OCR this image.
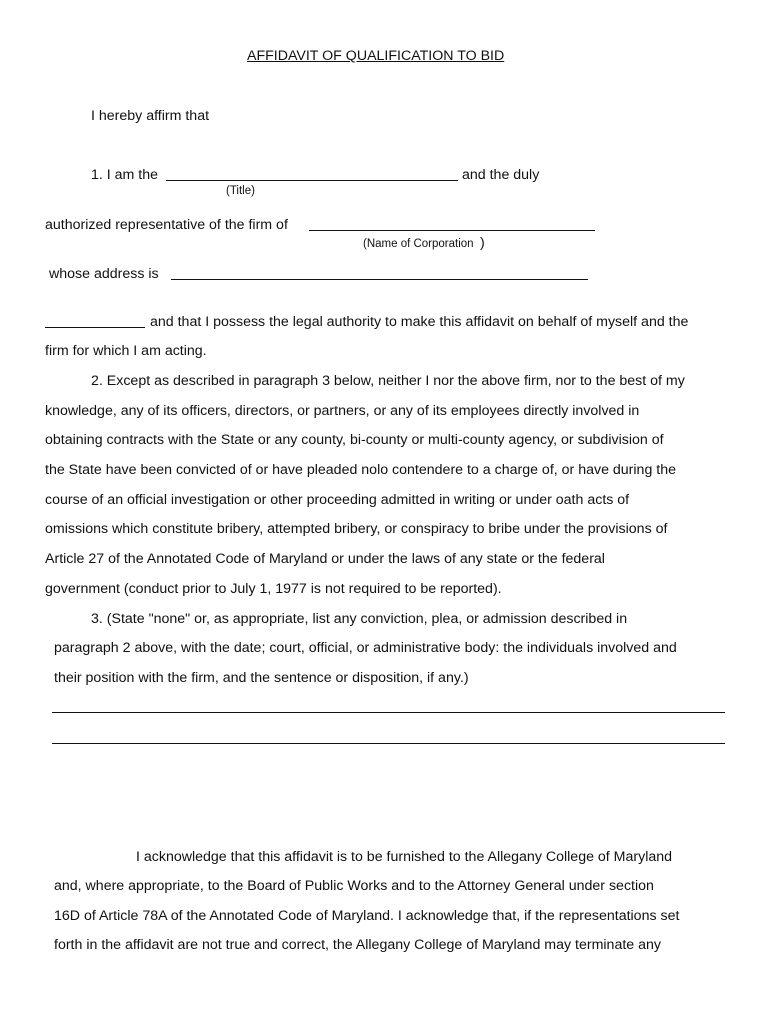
AFFIDAVIT OF QUALIFICATION TO BID
I hereby affirm that
1. I am the	and the duly
(Title)
authorized representative of the firm of
(Name of Corporation )
whose address is
and that I possess the legal authority to make this affidavit on behalf of myself and the
firm for which I am acting.
2. Except as described in paragraph 3 below, neither I nor the above firm, nor to the best of my
knowledge, any of its officers, directors, or partners, or any of its employees directly involved in
obtaining contracts with the State or any county, bi-county or multi-county agency, or subdivision of
the State have been convicted of or have pleaded nolo contendere to a charge of, or have during the
course of an official investigation or other proceeding admitted in writing or under oath acts of
omissions which constitute bribery, attempted bribery, or conspiracy to bribe under the provisions of
Article 27 of the Annotated Code of Maryland or under the laws of any state or the federal
government (conduct prior to July 1, 1977 is not required to be reported).
3. (State "none" or, as appropriate, list any conviction, plea, or admission described in
paragraph 2 above, with the date; court, official, or administrative body: the individuals involved and
their position with the firm, and the sentence or disposition, if any.)
I acknowledge that this affidavit is to be furnished to the Allegany College of Maryland
and, where appropriate, to the Board of Public Works and to the Attorney General under section
16D of Article 78A of the Annotated Code of Maryland. I acknowledge that, if the representations set
forth in the affidavit are not true and correct, the Allegany College of Maryland may terminate any
